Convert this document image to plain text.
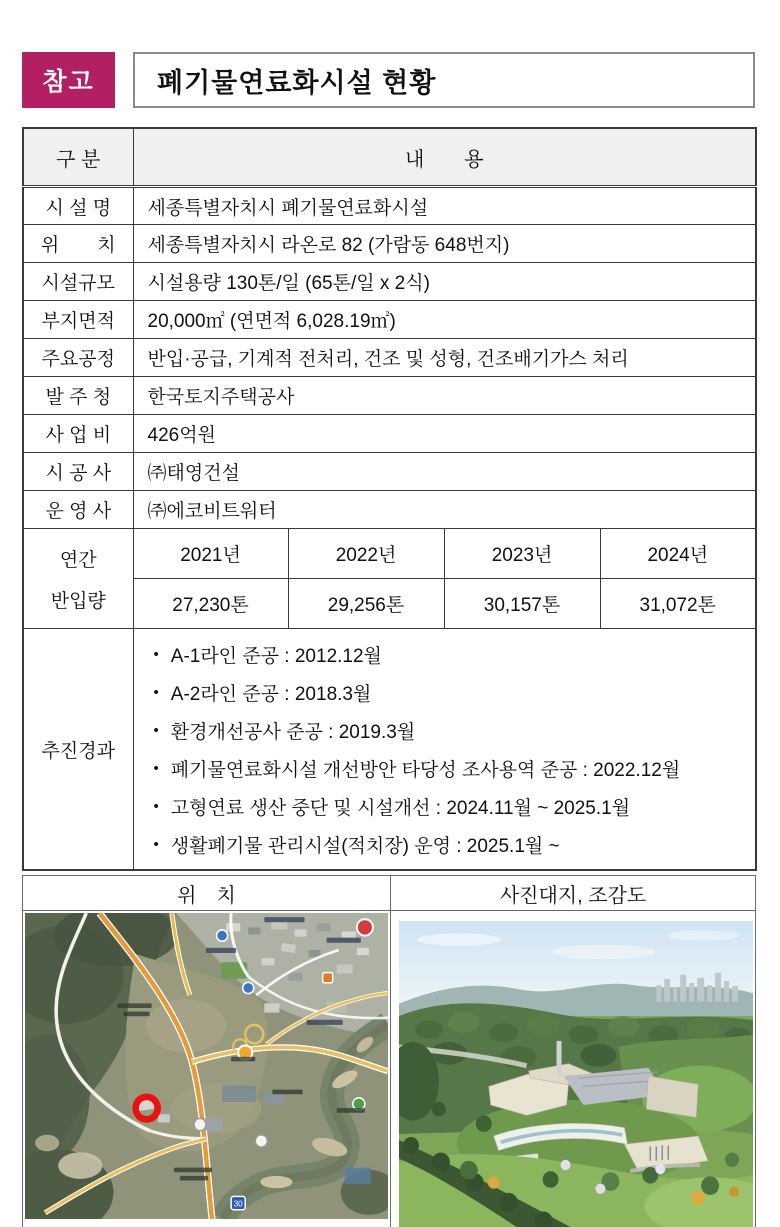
참고	폐기물연료화시설 현황
구 분	내　　용			
시 설 명	세종특별자치시 폐기물연료화시설			
위　　치	세종특별자치시 라온로 82 (가람동 648번지)			
시설규모	시설용량 130톤/일 (65톤/일 x 2식)			
부지면적	20,000㎡ (연면적 6,028.19㎡)			
주요공정	반입·공급, 기계적 전처리, 건조 및 성형, 건조배기가스 처리			
발 주 청	한국토지주택공사			
사 업 비	426억원			
시 공 사	㈜태영건설			
운 영 사	㈜에코비트워터			

연간
반입량	2021년	2022년	2023년	2024년
	27,230톤	29,256톤	30,157톤	31,072톤
추진경과	
• A-1라인 준공 : 2012.12월
• A-2라인 준공 : 2018.3월
• 환경개선공사 준공 : 2019.3월
• 폐기물연료화시설 개선방안 타당성 조사용역 준공 : 2022.12월
• 고형연료 생산 중단 및 시설개선 : 2024.11월 ~ 2025.1월
• 생활폐기물 관리시설(적치장) 운영 : 2025.1월 ~
위　치	사진대지, 조감도

30
